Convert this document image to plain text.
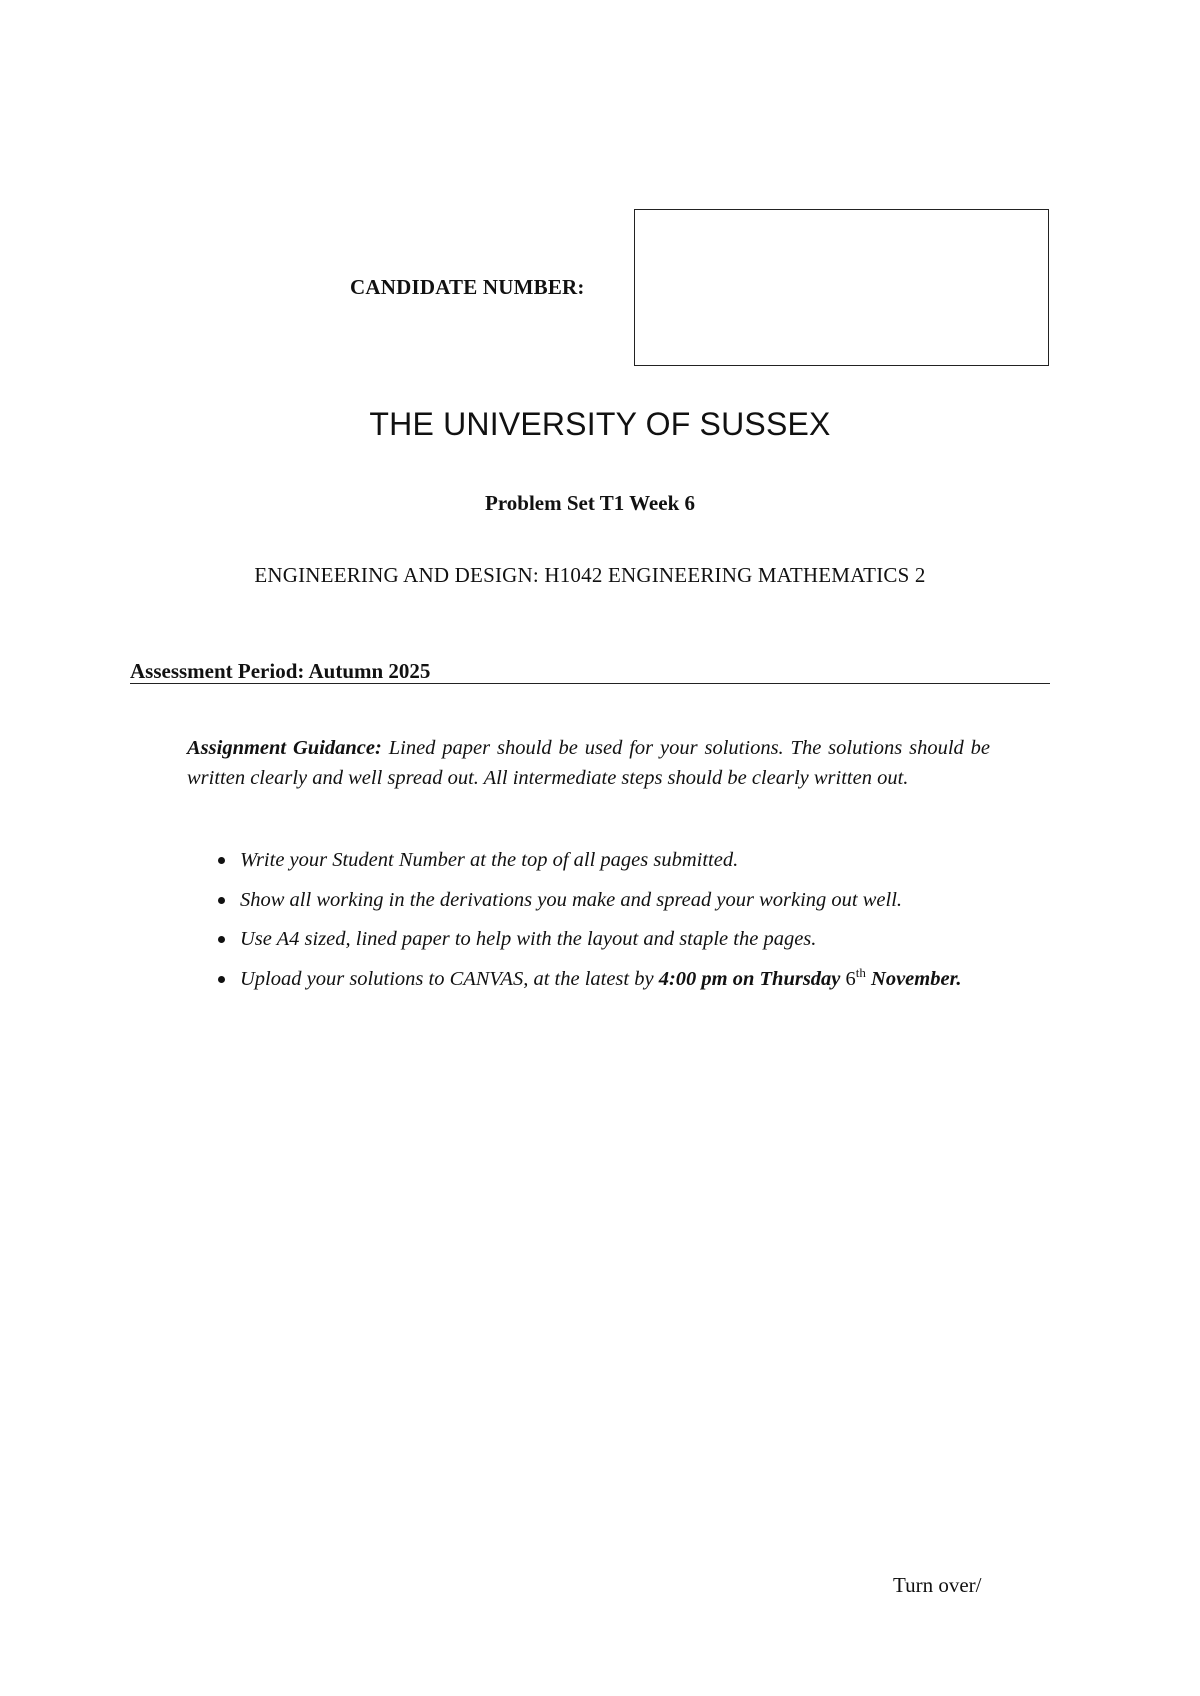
CANDIDATE NUMBER:
THE UNIVERSITY OF SUSSEX
Problem Set T1 Week 6
ENGINEERING AND DESIGN: H1042 ENGINEERING MATHEMATICS 2
Assessment Period: Autumn 2025
Assignment Guidance: Lined paper should be used for your solutions. The solutions should be written clearly and well spread out. All intermediate steps should be clearly written out.
Write your Student Number at the top of all pages submitted.
Show all working in the derivations you make and spread your working out well.
Use A4 sized, lined paper to help with the layout and staple the pages.
Upload your solutions to CANVAS, at the latest by 4:00 pm on Thursday 6th November.
Turn over/
